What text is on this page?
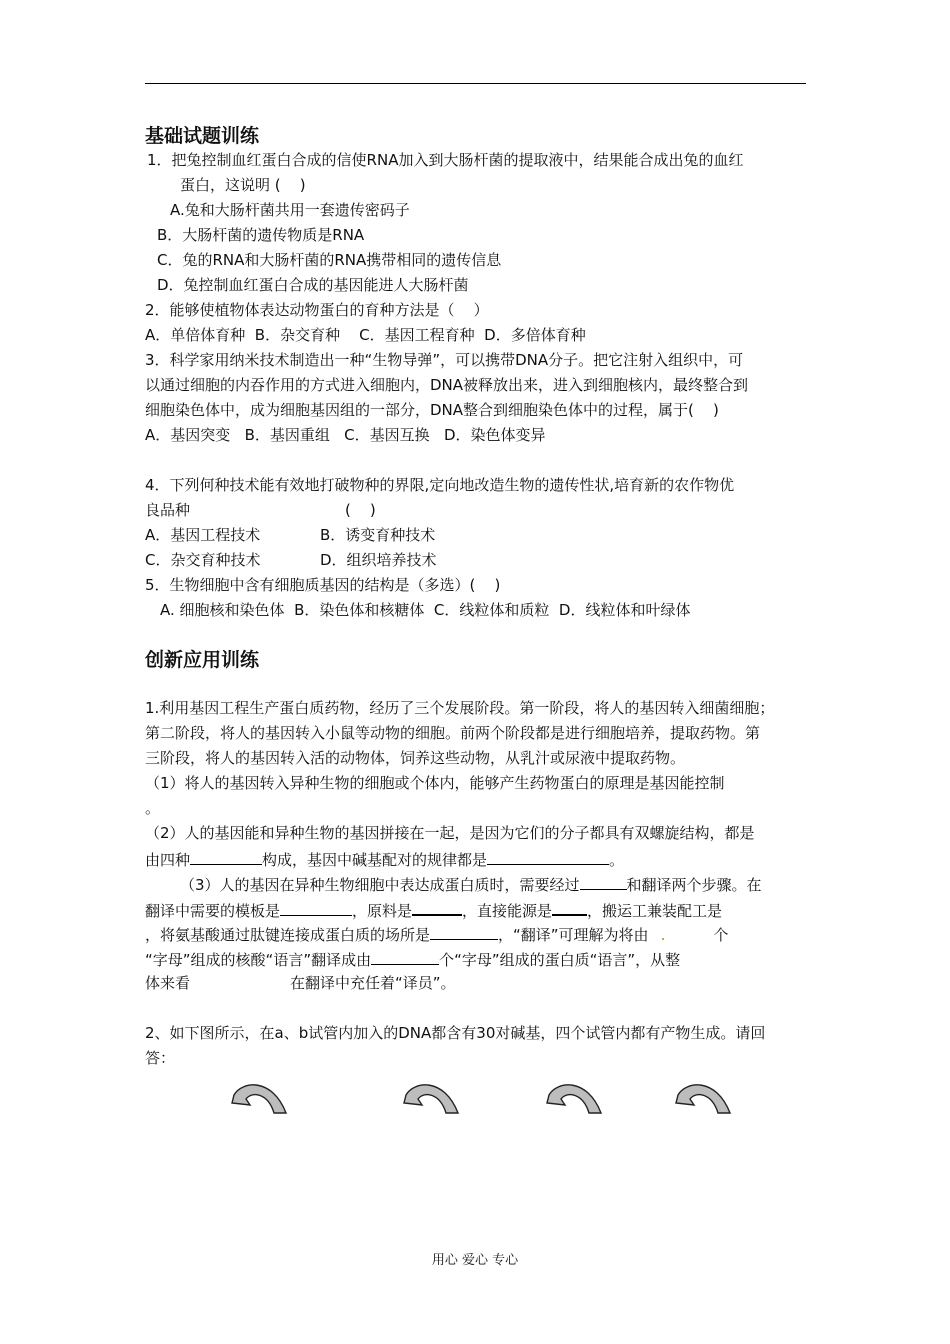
基础试题训练
1．把兔控制血红蛋白合成的信使RNA加入到大肠杆菌的提取液中，结果能合成出兔的血红
蛋白，这说明 (    )
A.兔和大肠杆菌共用一套遗传密码子
B．大肠杆菌的遗传物质是RNA
C．兔的RNA和大肠杆菌的RNA携带相同的遗传信息
D．兔控制血红蛋白合成的基因能进人大肠杆菌
2．能够使植物体表达动物蛋白的育种方法是（    ）
A．单倍体育种  B．杂交育种    C．基因工程育种  D．多倍体育种
3．科学家用纳米技术制造出一种“生物导弹”，可以携带DNA分子。把它注射入组织中，可
以通过细胞的内吞作用的方式进入细胞内，DNA被释放出来，进入到细胞核内，最终整合到
细胞染色体中，成为细胞基因组的一部分，DNA整合到细胞染色体中的过程，属于(    )
A．基因突变   B．基因重组   C．基因互换   D．染色体变异
4．下列何种技术能有效地打破物种的界限,定向地改造生物的遗传性状,培育新的农作物优
良品种	(    )
A．基因工程技术	B．诱变育种技术
C．杂交育种技术	D．组织培养技术
5．生物细胞中含有细胞质基因的结构是（多选）(    )
A. 细胞核和染色体  B．染色体和核糖体  C．线粒体和质粒  D．线粒体和叶绿体
创新应用训练
1.利用基因工程生产蛋白质药物，经历了三个发展阶段。第一阶段，将人的基因转入细菌细胞；
第二阶段，将人的基因转入小鼠等动物的细胞。前两个阶段都是进行细胞培养，提取药物。第
三阶段，将人的基因转入活的动物体，饲养这些动物，从乳汁或尿液中提取药物。
（1）将人的基因转入异种生物的细胞或个体内，能够产生药物蛋白的原理是基因能控制
。
（2）人的基因能和异种生物的基因拼接在一起，是因为它们的分子都具有双螺旋结构，都是
由四种	构成，基因中碱基配对的规律都是	。
（3）人的基因在异种生物细胞中表达成蛋白质时，需要经过	和翻译两个步骤。在
翻译中需要的模板是	，原料是	，直接能源是 ，搬运工兼装配工是
，将氨基酸通过肽键连接成蛋白质的场所是	，“翻译”可理解为将由 .	个
“字母”组成的核酸“语言”翻译成由	个“字母”组成的蛋白质“语言”，从整
体来看	在翻译中充任着“译员”。
2、如下图所示，在a、b试管内加入的DNA都含有30对碱基，四个试管内都有产物生成。请回
答：
用心 爱心 专心
